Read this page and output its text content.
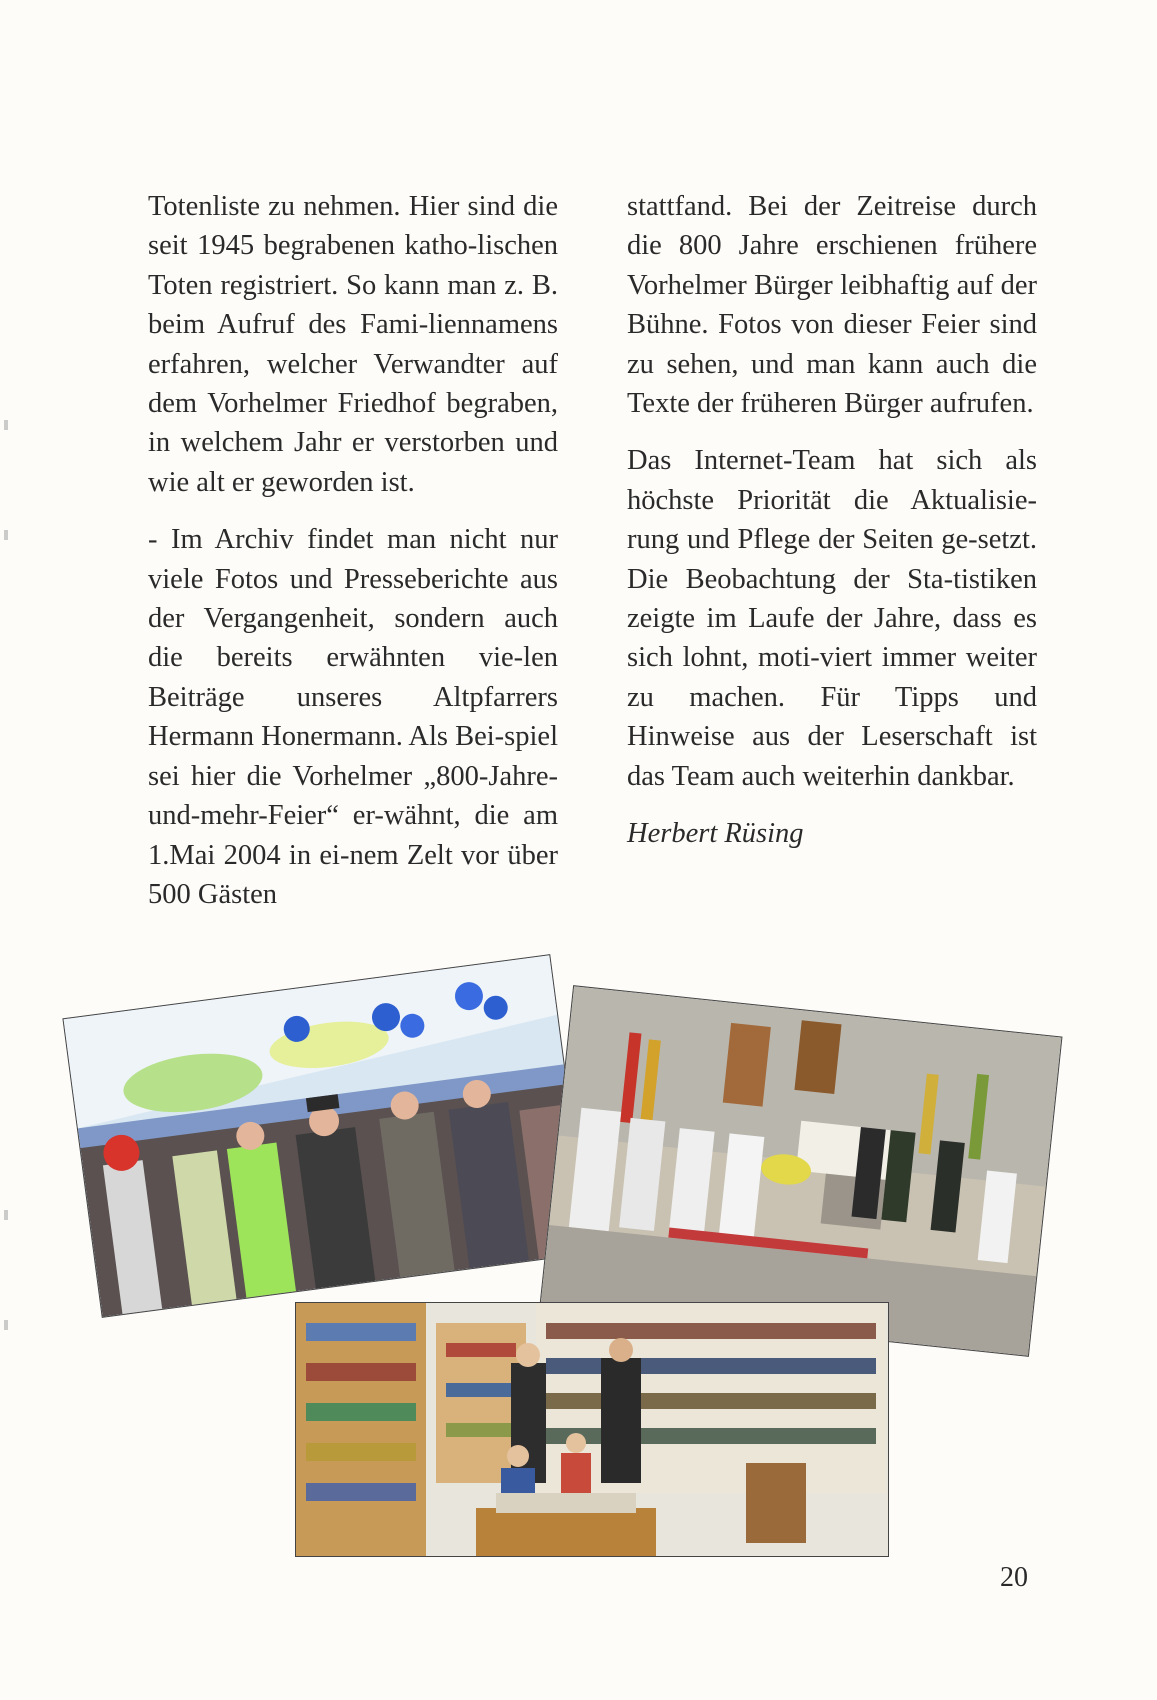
Totenliste zu nehmen. Hier sind die seit 1945 begrabenen katho-lischen Toten registriert. So kann man z. B. beim Aufruf des Fami-liennamens erfahren, welcher Verwandter auf dem Vorhelmer Friedhof begraben, in welchem Jahr er verstorben und wie alt er geworden ist.

- Im Archiv findet man nicht nur viele Fotos und Presseberichte aus der Vergangenheit, sondern auch die bereits erwähnten vie-len Beiträge unseres Altpfarrers Hermann Honermann. Als Bei-spiel sei hier die Vorhelmer „800-Jahre-und-mehr-Feier“ er-wähnt, die am 1.Mai 2004 in ei-nem Zelt vor über 500 Gästen

stattfand. Bei der Zeitreise durch die 800 Jahre erschienen frühere Vorhelmer Bürger leibhaftig auf der Bühne. Fotos von dieser Feier sind zu sehen, und man kann auch die Texte der früheren Bürger aufrufen.

Das Internet-Team hat sich als höchste Priorität die Aktualisie-rung und Pflege der Seiten ge-setzt. Die Beobachtung der Sta-tistiken zeigte im Laufe der Jahre, dass es sich lohnt, moti-viert immer weiter zu machen. Für Tipps und Hinweise aus der Leserschaft ist das Team auch weiterhin dankbar.

Herbert Rüsing

20
